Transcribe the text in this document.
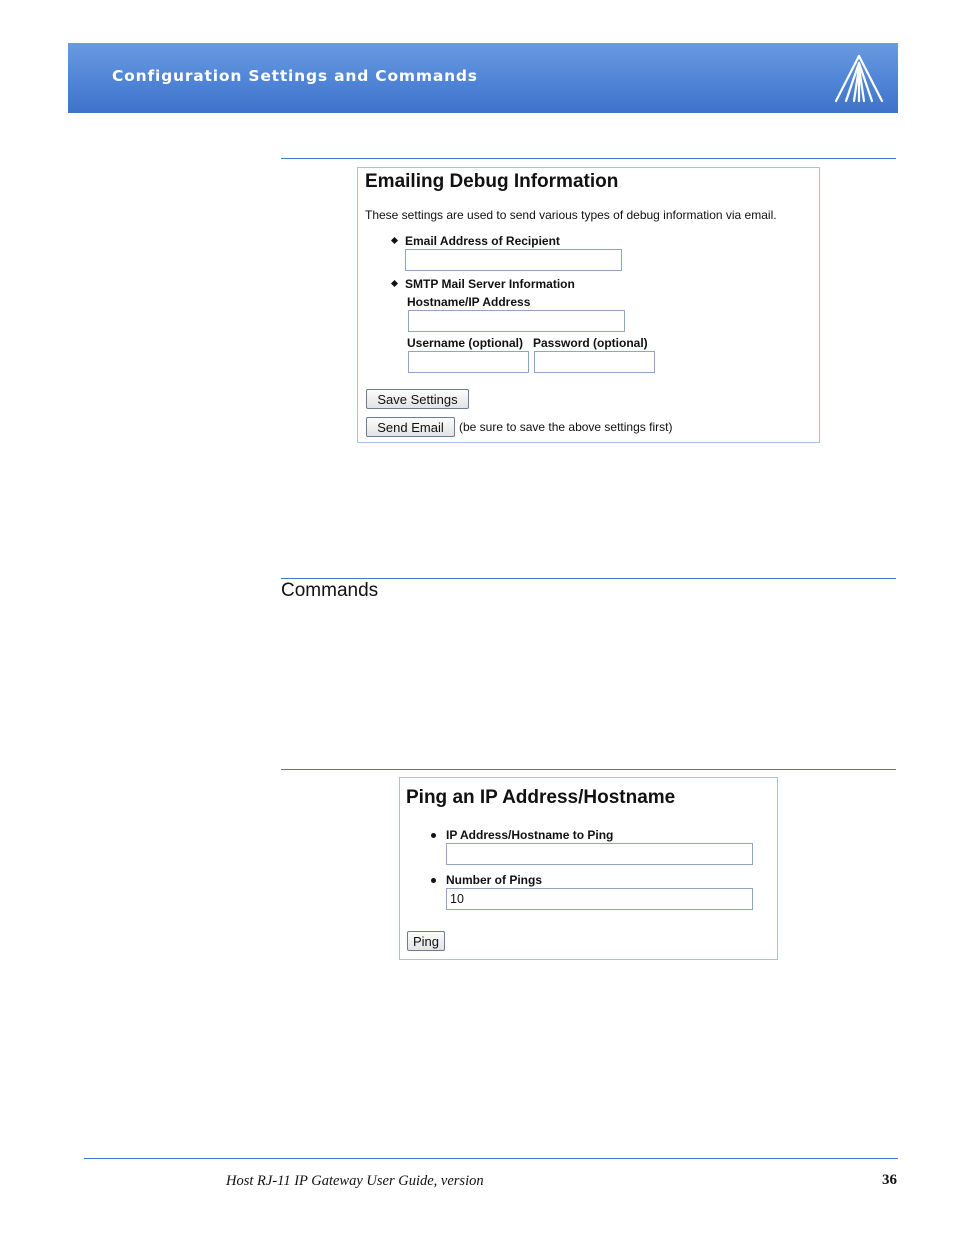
Configuration Settings and Commands
Emailing Debug Information
These settings are used to send various types of debug information via email.
Email Address of Recipient
SMTP Mail Server Information
Hostname/IP Address
Username (optional) Password (optional)
Save Settings
Send Email	(be sure to save the above settings first)
Commands
Ping an IP Address/Hostname
IP Address/Hostname to Ping
Number of Pings
10
Ping
Host RJ-11 IP Gateway User Guide, version	36
